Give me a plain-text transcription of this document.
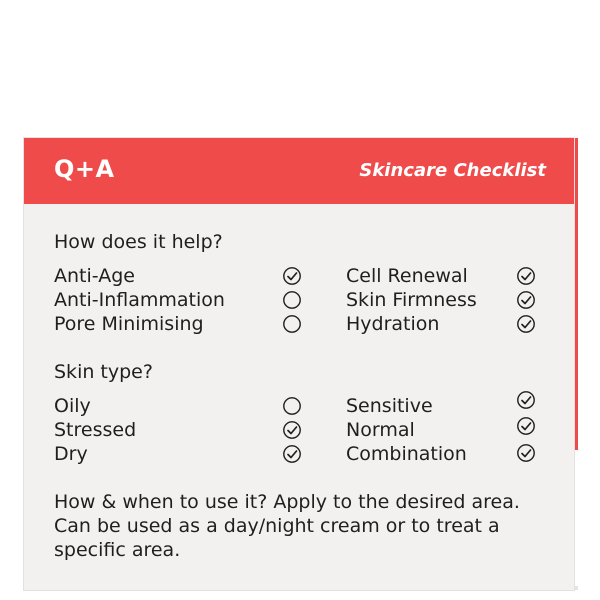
Q+A	Skincare Checklist
How does it help?
Anti-Age
Anti-Inflammation
Pore Minimising
Cell Renewal
Skin Firmness
Hydration
Skin type?
Oily
Stressed
Dry
Sensitive
Normal
Combination
How & when to use it? Apply to the desired area. Can be used as a day/night cream or to treat a specific area.
